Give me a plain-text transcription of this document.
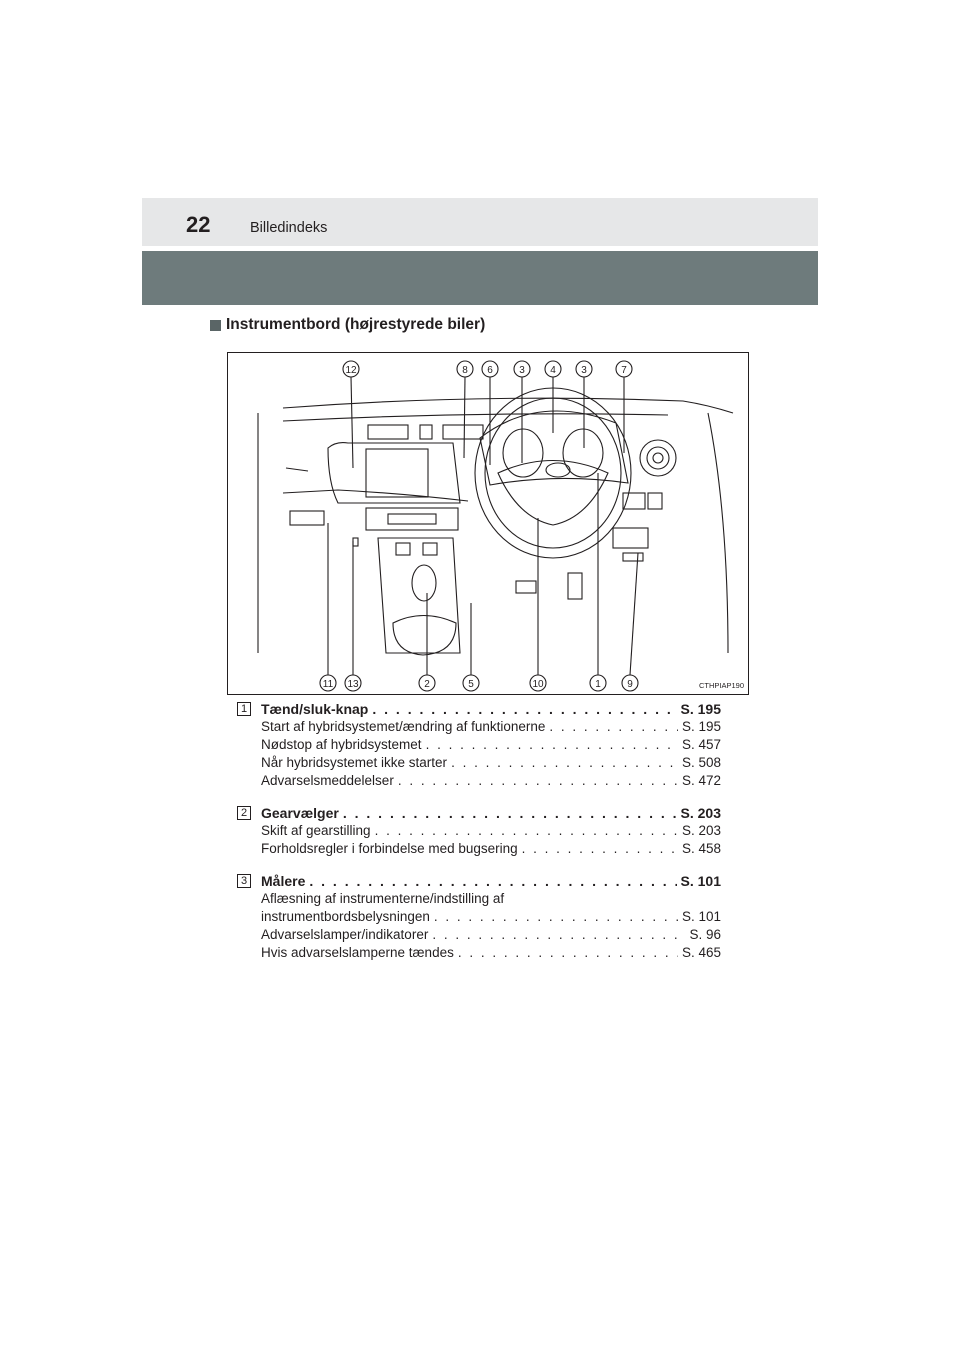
22	Billedindeks
Instrumentbord (højrestyrede biler)
12	8 6	3	4	3	7
11 13	2	5	10	1	9	CTHPIAP190
1 Tænd/sluk-knap . . .	S. 195
Start af hybridsystemet/ændring af funktionerne . . .	S. 195
Nødstop af hybridsystemet . . .	S. 457
Når hybridsystemet ikke starter . . .	S. 508
Advarselsmeddelelser . . .	S. 472
2 Gearvælger . . .	S. 203
Skift af gearstilling . . .	S. 203
Forholdsregler i forbindelse med bugsering . . .	S. 458
3 Målere . . .	S. 101
Aflæsning af instrumenterne/indstilling af
instrumentbordsbelysningen . . .	S. 101
Advarselslamper/indikatorer . . .	S. 96
Hvis advarselslamperne tændes . . .	S. 465
